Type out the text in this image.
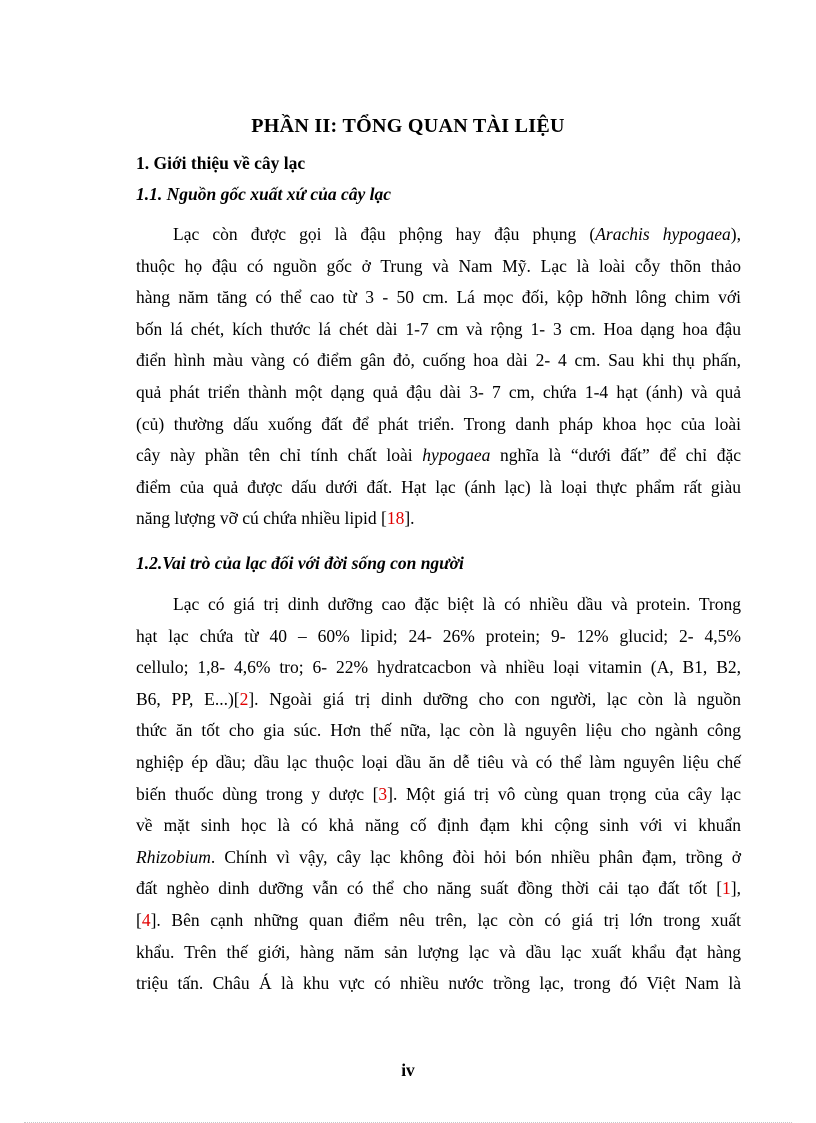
PHẦN II: TỔNG QUAN TÀI LIỆU
1. Giới thiệu về cây lạc
1.1. Nguồn gốc xuất xứ của cây lạc
Lạc còn được gọi là đậu phộng hay đậu phụng (Arachis hypogaea),
thuộc họ đậu có nguồn gốc ở Trung và Nam Mỹ. Lạc là loài cỗy thõn thảo
hàng năm tăng có thể cao từ 3 - 50 cm. Lá mọc đối, kộp hỡnh lông chim với
bốn lá chét, kích thước lá chét dài 1-7 cm và rộng 1- 3 cm. Hoa dạng hoa đậu
điển hình màu vàng có điểm gân đỏ, cuống hoa dài 2- 4 cm. Sau khi thụ phấn,
quả phát triển thành một dạng quả đậu dài 3- 7 cm, chứa 1-4 hạt (ánh) và quả
(củ) thường dấu xuống đất để phát triển. Trong danh pháp khoa học của loài
cây này phần tên chỉ tính chất loài hypogaea nghĩa là “dưới đất” để chỉ đặc
điểm của quả được dấu dưới đất. Hạt lạc (ánh lạc) là loại thực phẩm rất giàu
năng lượng vỡ cú chứa nhiều lipid [18].
1.2.Vai trò của lạc đối với đời sống con người
Lạc có giá trị dinh dưỡng cao đặc biệt là có nhiều dầu và protein. Trong
hạt lạc chứa từ 40 – 60% lipid; 24- 26% protein; 9- 12% glucid; 2- 4,5%
cellulo; 1,8- 4,6% tro; 6- 22% hydratcacbon và nhiều loại vitamin (A, B1, B2,
B6, PP, E...)[2]. Ngoài giá trị dinh dưỡng cho con người, lạc còn là nguồn
thức ăn tốt cho gia súc. Hơn thế nữa, lạc còn là nguyên liệu cho ngành công
nghiệp ép dầu; dầu lạc thuộc loại dầu ăn dễ tiêu và có thể làm nguyên liệu chế
biến thuốc dùng trong y dược [3]. Một giá trị vô cùng quan trọng của cây lạc
về mặt sinh học là có khả năng cố định đạm khi cộng sinh với vi khuẩn
Rhizobium. Chính vì vậy, cây lạc không đòi hỏi bón nhiều phân đạm, trồng ở
đất nghèo dinh dưỡng vẫn có thể cho năng suất đồng thời cải tạo đất tốt [1],
[4]. Bên cạnh những quan điểm nêu trên, lạc còn có giá trị lớn trong xuất
khẩu. Trên thế giới, hàng năm sản lượng lạc và dầu lạc xuất khẩu đạt hàng
triệu tấn. Châu Á là khu vực có nhiều nước trồng lạc, trong đó Việt Nam là
iv
